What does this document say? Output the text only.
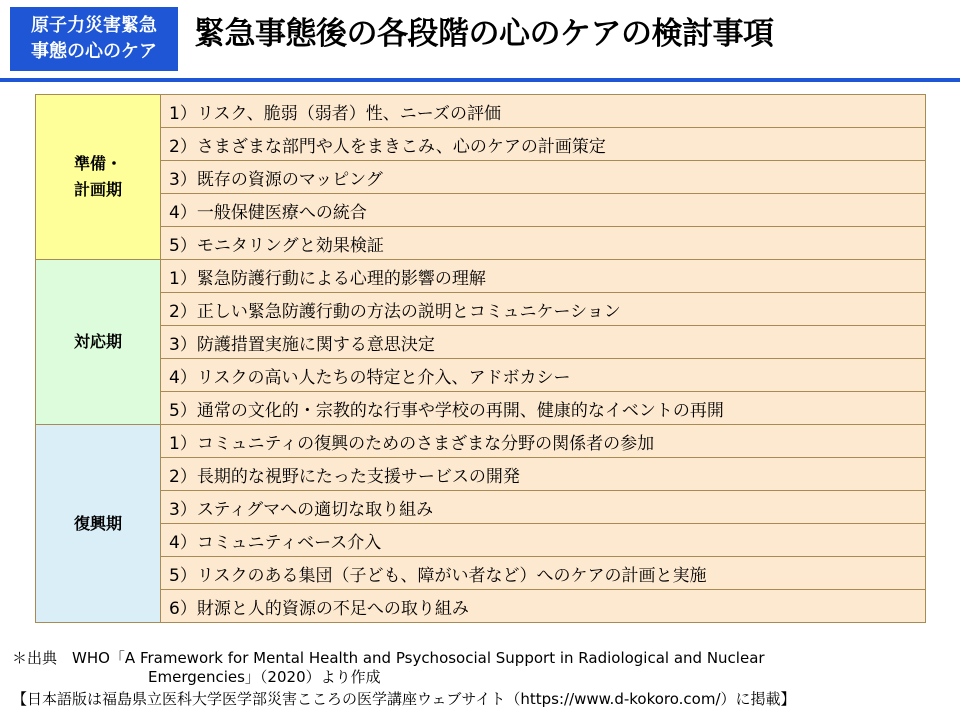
原子力災害緊急
事態の心のケア	緊急事態後の各段階の心のケアの検討事項
準備・
計画期	1）リスク、脆弱（弱者）性、ニーズの評価
	2）さまざまな部門や人をまきこみ、心のケアの計画策定
	3）既存の資源のマッピング
	4）一般保健医療への統合
	5）モニタリングと効果検証

対応期	1）緊急防護行動による心理的影響の理解
	2）正しい緊急防護行動の方法の説明とコミュニケーション
	3）防護措置実施に関する意思決定
	4）リスクの高い人たちの特定と介入、アドボカシー
	5）通常の文化的・宗教的な行事や学校の再開、健康的なイベントの再開

復興期	1）コミュニティの復興のためのさまざまな分野の関係者の参加
	2）長期的な視野にたった支援サービスの開発
	3）スティグマへの適切な取り組み
	4）コミュニティベース介入
	5）リスクのある集団（子ども、障がい者など）へのケアの計画と実施
	6）財源と人的資源の不足への取り組み
＊出典　WHO「A Framework for Mental Health and Psychosocial Support in Radiological and Nuclear
Emergencies」（2020）より作成
【日本語版は福島県立医科大学医学部災害こころの医学講座ウェブサイト（https://www.d-kokoro.com/）に掲載】
